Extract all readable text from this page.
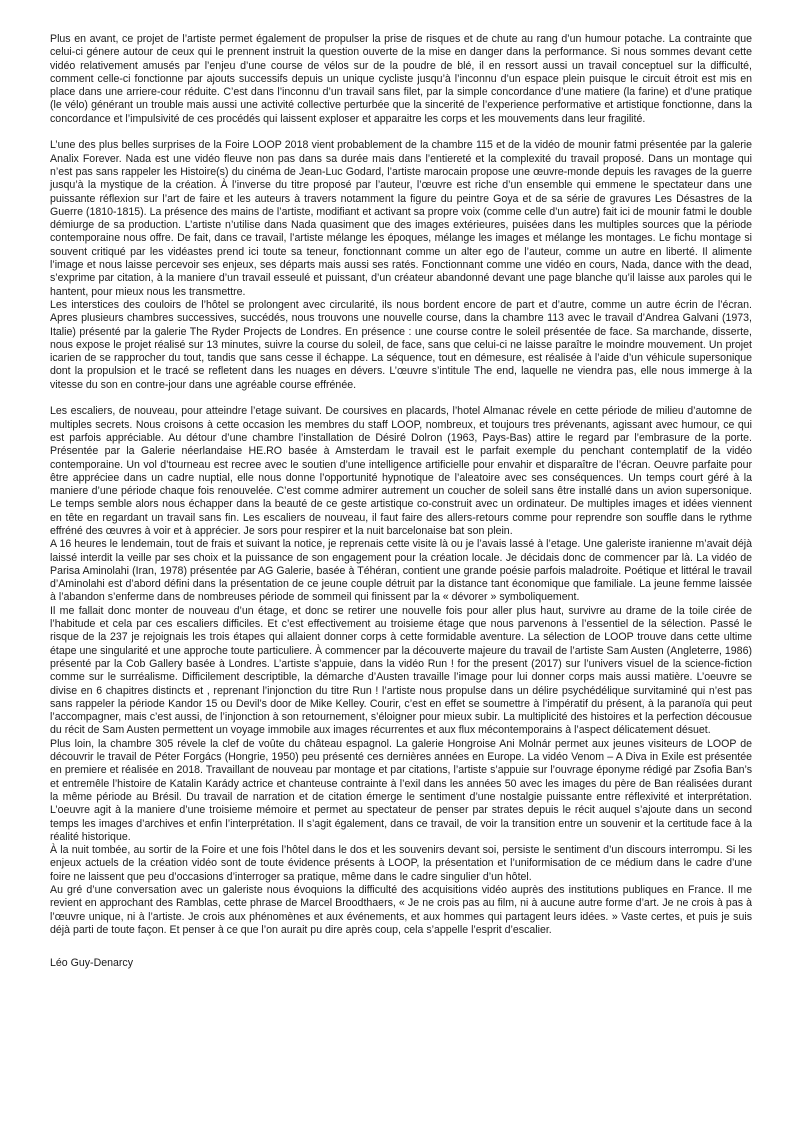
Plus en avant, ce projet de l’artiste permet également de propulser la prise de risques et de chute au rang d’un humour potache. La contrainte que celui-ci génere autour de ceux qui le prennent instruit la question ouverte de la mise en danger dans la performance. Si nous sommes devant cette vidéo relativement amusés par l’enjeu d’une course de vélos sur de la poudre de blé, il en ressort aussi un travail conceptuel sur la difficulté, comment celle-ci fonctionne par ajouts successifs depuis un unique cycliste jusqu’à l’inconnu d’un espace plein puisque le circuit étroit est mis en place dans une arriere-cour réduite. C’est dans l’inconnu d’un travail sans filet, par la simple concordance d’une matiere (la farine) et d’une pratique (le vélo) générant un trouble mais aussi une activité collective perturbée que la sincerité de l’experience performative et artistique fonctionne, dans la concordance et l’impulsivité de ces procédés qui laissent exploser et apparaitre les corps et les mouvements dans leur fragilité.

L’une des plus belles surprises de la Foire LOOP 2018 vient probablement de la chambre 115 et de la vidéo de mounir fatmi présentée par la galerie Analix Forever. Nada est une vidéo fleuve non pas dans sa durée mais dans l’entiereté et la complexité du travail proposé. Dans un montage qui n’est pas sans rappeler les Histoire(s) du cinéma de Jean-Luc Godard, l’artiste marocain propose une œuvre-monde depuis les ravages de la guerre jusqu’à la mystique de la création. À l’inverse du titre proposé par l’auteur, l’œuvre est riche d’un ensemble qui emmene le spectateur dans une puissante réflexion sur l’art de faire et les auteurs à travers notamment la figure du peintre Goya et de sa série de gravures Les Désastres de la Guerre (1810-1815). La présence des mains de l’artiste, modifiant et activant sa propre voix (comme celle d’un autre) fait ici de mounir fatmi le double démiurge de sa production. L’artiste n’utilise dans Nada quasiment que des images extérieures, puisées dans les multiples sources que la période contemporaine nous offre. De fait, dans ce travail, l’artiste mélange les époques, mélange les images et mélange les montages. Le fichu montage si souvent critiqué par les vidéastes prend ici toute sa teneur, fonctionnant comme un alter ego de l’auteur, comme un autre en liberté. Il alimente l’image et nous laisse percevoir ses enjeux, ses départs mais aussi ses ratés. Fonctionnant comme une vidéo en cours, Nada, dance with the dead, s’exprime par citation, à la maniere d’un travail esseulé et puissant, d’un créateur abandonné devant une page blanche qu’il laisse aux paroles qui le hantent, pour mieux nous les transmettre.

Les interstices des couloirs de l’hôtel se prolongent avec circularité, ils nous bordent encore de part et d’autre, comme un autre écrin de l’écran. Apres plusieurs chambres successives, succédés, nous trouvons une nouvelle course, dans la chambre 113 avec le travail d’Andrea Galvani (1973, Italie) présenté par la galerie The Ryder Projects de Londres. En présence : une course contre le soleil présentée de face. Sa marchande, disserte, nous expose le projet réalisé sur 13 minutes, suivre la course du soleil, de face, sans que celui-ci ne laisse paraître le moindre mouvement. Un projet icarien de se rapprocher du tout, tandis que sans cesse il échappe. La séquence, tout en démesure, est réalisée à l’aide d’un véhicule supersonique dont la propulsion et le tracé se refletent dans les nuages en dévers. L’œuvre s’intitule The end, laquelle ne viendra pas, elle nous immerge à la vitesse du son en contre-jour dans une agréable course effrénée.

Les escaliers, de nouveau, pour atteindre l’etage suivant. De coursives en placards, l’hotel Almanac révele en cette période de milieu d’automne de multiples secrets. Nous croisons à cette occasion les membres du staff LOOP, nombreux, et toujours tres prévenants, agissant avec humour, ce qui est parfois appréciable. Au détour d’une chambre l’installation de Désiré Dolron (1963, Pays-Bas) attire le regard par l’embrasure de la porte. Présentée par la Galerie néerlandaise HE.RO basée à Amsterdam le travail est le parfait exemple du penchant contemplatif de la vidéo contemporaine. Un vol d’tourneau est recree avec le soutien d’une intelligence artificielle pour envahir et disparaître de l’écran. Oeuvre parfaite pour être appréciee dans un cadre nuptial, elle nous donne l’opportunité hypnotique de l’aleatoire avec ses conséquences. Un temps court géré à la maniere d’une période chaque fois renouvelée. C’est comme admirer autrement un coucher de soleil sans être installé dans un avion supersonique. Le temps semble alors nous échapper dans la beauté de ce geste artistique co-construit avec un ordinateur. De multiples images et idées viennent en tête en regardant un travail sans fin. Les escaliers de nouveau, il faut faire des allers-retours comme pour reprendre son souffle dans le rythme effréné des œuvres à voir et à apprécier. Je sors pour respirer et la nuit barcelonaise bat son plein.

A 16 heures le lendemain, tout de frais et suivant la notice, je reprenais cette visite là ou je l’avais lassé à l’etage. Une galeriste iranienne m’avait déjà laissé interdit la veille par ses choix et la puissance de son engagement pour la création locale. Je décidais donc de commencer par là. La vidéo de Parisa Aminolahi (Iran, 1978) présentée par AG Galerie, basée à Téhéran, contient une grande poésie parfois maladroite. Poétique et littéral le travail d’Aminolahi est d’abord défini dans la présentation de ce jeune couple détruit par la distance tant économique que familiale. La jeune femme laissée à l’abandon s’enferme dans de nombreuses période de sommeil qui finissent par la « dévorer » symboliquement.

Il me fallait donc monter de nouveau d’un étage, et donc se retirer une nouvelle fois pour aller plus haut, survivre au drame de la toile cirée de l’habitude et cela par ces escaliers difficiles. Et c’est effectivement au troisieme étage que nous parvenons à l’essentiel de la sélection. Passé le risque de la 237 je rejoignais les trois étapes qui allaient donner corps à cette formidable aventure. La sélection de LOOP trouve dans cette ultime étape une singularité et une approche toute particuliere. À commencer par la découverte majeure du travail de l’artiste Sam Austen (Angleterre, 1986) présenté par la Cob Gallery basée à Londres. L’artiste s’appuie, dans la vidéo Run ! for the present (2017) sur l’univers visuel de la science-fiction comme sur le surréalisme. Difficilement descriptible, la démarche d’Austen travaille l’image pour lui donner corps mais aussi matière. L’oeuvre se divise en 6 chapitres distincts et , reprenant l’injonction du titre Run ! l’artiste nous propulse dans un délire psychédélique survitaminé qui n’est pas sans rappeler la période Kandor 15 ou Devil’s door de Mike Kelley. Courir, c’est en effet se soumettre à l’impératif du présent, à la paranoïa qui peut l’accompagner, mais c’est aussi, de l’injonction à son retournement, s’éloigner pour mieux subir. La multiplicité des histoires et la perfection décousue du récit de Sam Austen permettent un voyage immobile aux images récurrentes et aux flux mécontemporains à l’aspect délicatement désuet.

Plus loin, la chambre 305 révele la clef de voûte du château espagnol. La galerie Hongroise Ani Molnár permet aux jeunes visiteurs de LOOP de découvrir le travail de Péter Forgács (Hongrie, 1950) peu présenté ces dernières années en Europe. La vidéo Venom – A Diva in Exile est présentée en premiere et réalisée en 2018. Travaillant de nouveau par montage et par citations, l’artiste s’appuie sur l’ouvrage éponyme rédigé par Zsofia Ban’s et entremêle l’histoire de Katalin Karády actrice et chanteuse contrainte à l’exil dans les années 50 avec les images du père de Ban réalisées durant la même période au Brésil. Du travail de narration et de citation émerge le sentiment d’une nostalgie puissante entre réflexivité et interprétation. L’oeuvre agit à la maniere d’une troisieme mémoire et permet au spectateur de penser par strates depuis le récit auquel s’ajoute dans un second temps les images d’archives et enfin l’interprétation. Il s’agit également, dans ce travail, de voir la transition entre un souvenir et la certitude face à la réalité historique.

À la nuit tombée, au sortir de la Foire et une fois l’hôtel dans le dos et les souvenirs devant soi, persiste le sentiment d’un discours interrompu. Si les enjeux actuels de la création vidéo sont de toute évidence présents à LOOP, la présentation et l’uniformisation de ce médium dans le cadre d’une foire ne laissent que peu d’occasions d’interroger sa pratique, même dans le cadre singulier d’un hôtel.

Au gré d’une conversation avec un galeriste nous évoquions la difficulté des acquisitions vidéo auprès des institutions publiques en France. Il me revient en approchant des Ramblas, cette phrase de Marcel Broodthaers, « Je ne crois pas au film, ni à aucune autre forme d’art. Je ne crois à pas à l’œuvre unique, ni à l’artiste. Je crois aux phénomènes et aux événements, et aux hommes qui partagent leurs idées. » Vaste certes, et puis je suis déjà parti de toute façon. Et penser à ce que l’on aurait pu dire après coup, cela s’appelle l’esprit d’escalier.

Léo Guy-Denarcy
